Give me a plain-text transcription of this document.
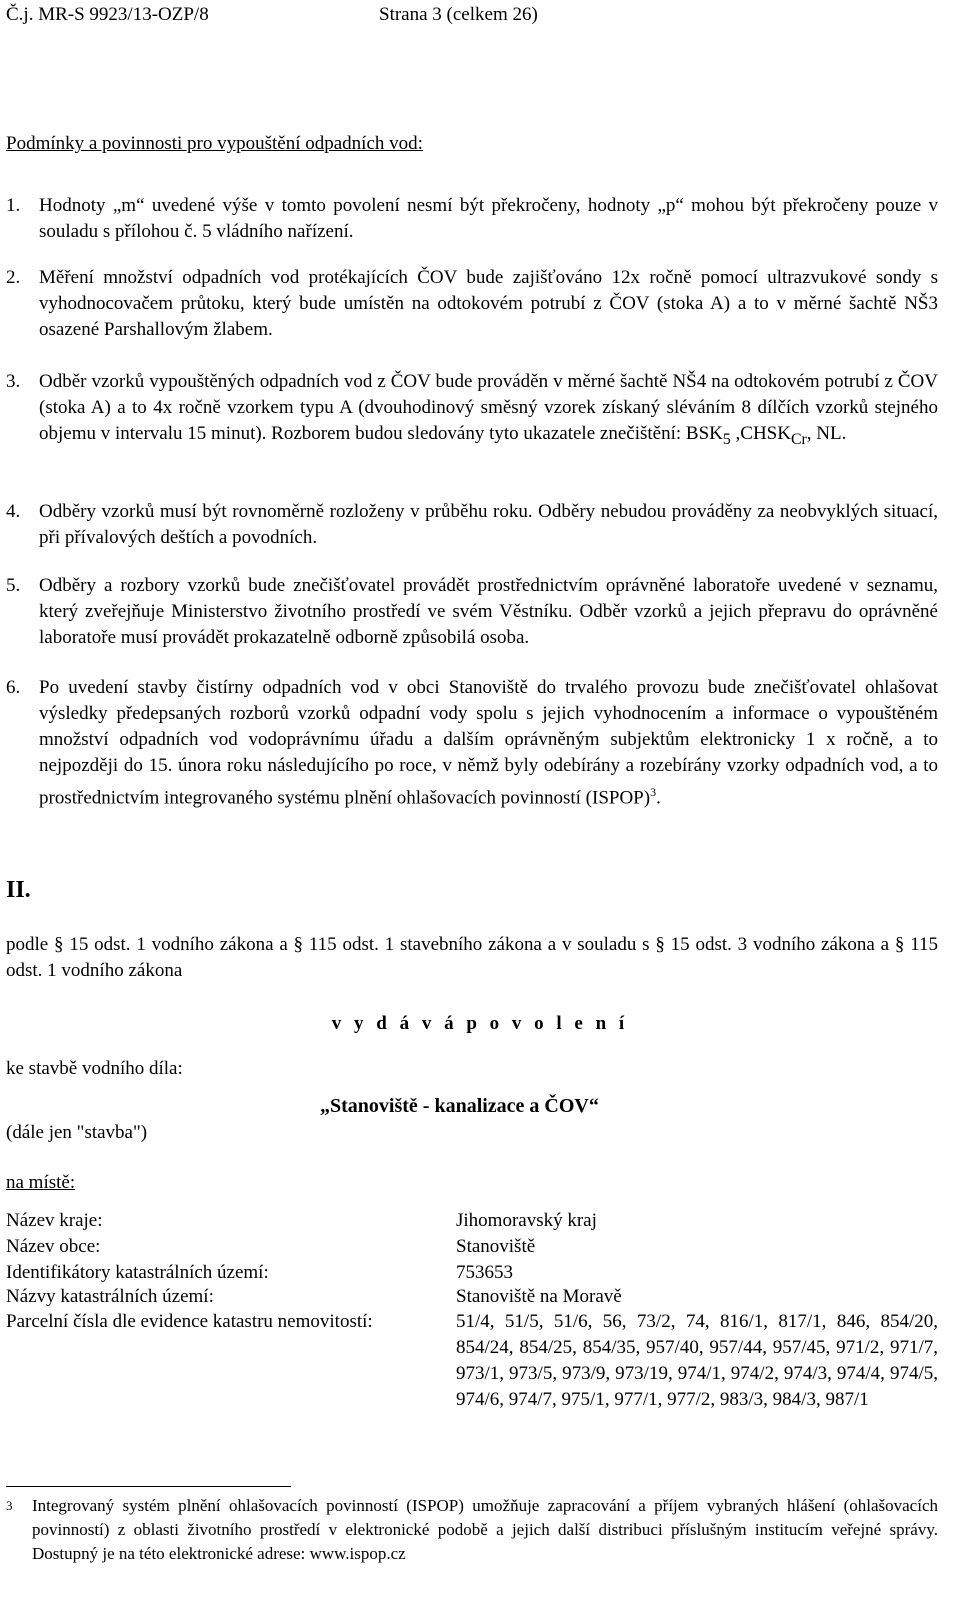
Č.j. MR-S 9923/13-OZP/8	Strana 3 (celkem 26)
Podmínky a povinnosti pro vypouštění odpadních vod:
1. Hodnoty „m“ uvedené výše v tomto povolení nesmí být překročeny, hodnoty „p“ mohou být překročeny pouze v souladu s přílohou č. 5 vládního nařízení.
2. Měření množství odpadních vod protékajících ČOV bude zajišťováno 12x ročně pomocí ultrazvukové sondy s vyhodnocovačem průtoku, který bude umístěn na odtokovém potrubí z ČOV (stoka A) a to v měrné šachtě NŠ3 osazené Parshallovým žlabem.
3. Odběr vzorků vypouštěných odpadních vod z ČOV bude prováděn v měrné šachtě NŠ4 na odtokovém potrubí z ČOV (stoka A) a to 4x ročně vzorkem typu A (dvouhodinový směsný vzorek získaný sléváním 8 dílčích vzorků stejného objemu v intervalu 15 minut). Rozborem budou sledovány tyto ukazatele znečištění: $BSK_5$ $,CHSK_{Cr}$, NL.
4. Odběry vzorků musí být rovnoměrně rozloženy v průběhu roku. Odběry nebudou prováděny za neobvyklých situací, při přívalových deštích a povodních.
5. Odběry a rozbory vzorků bude znečišťovatel provádět prostřednictvím oprávněné laboratoře uvedené v seznamu, který zveřejňuje Ministerstvo životního prostředí ve svém Věstníku. Odběr vzorků a jejich přepravu do oprávněné laboratoře musí provádět prokazatelně odborně způsobilá osoba.
6. Po uvedení stavby čistírny odpadních vod v obci Stanoviště do trvalého provozu bude znečišťovatel ohlašovat výsledky předepsaných rozborů vzorků odpadní vody spolu s jejich vyhodnocením a informace o vypouštěném množství odpadních vod vodoprávnímu úřadu a dalším oprávněným subjektům elektronicky 1 x ročně, a to nejpozději do 15. února roku následujícího po roce, v němž byly odebírány a rozebírány vzorky odpadních vod, a to prostřednictvím integrovaného systému plnění ohlašovacích povinností (ISPOP)$^3$.
II.
podle § 15 odst. 1 vodního zákona a § 115 odst. 1 stavebního zákona a v souladu s § 15 odst. 3 vodního zákona a § 115 odst. 1 vodního zákona
v y d á v á p o v o l e n í
ke stavbě vodního díla:
„Stanoviště - kanalizace a ČOV“
(dále jen "stavba")
na místě:
Název kraje:	Jihomoravský kraj
Název obce:	Stanoviště
Identifikátory katastrálních území:	753653
Názvy katastrálních území:	Stanoviště na Moravě
Parcelní čísla dle evidence katastru nemovitostí:	51/4, 51/5, 51/6, 56, 73/2, 74, 816/1, 817/1, 846, 854/20, 854/24, 854/25, 854/35, 957/40, 957/44, 957/45, 971/2, 971/7, 973/1, 973/5, 973/9, 973/19, 974/1, 974/2, 974/3, 974/4, 974/5, 974/6, 974/7, 975/1, 977/1, 977/2, 983/3, 984/3, 987/1
3 Integrovaný systém plnění ohlašovacích povinností (ISPOP) umožňuje zapracování a příjem vybraných hlášení (ohlašovacích povinností) z oblasti životního prostředí v elektronické podobě a jejich další distribuci příslušným institucím veřejné správy. Dostupný je na této elektronické adrese: www.ispop.cz
